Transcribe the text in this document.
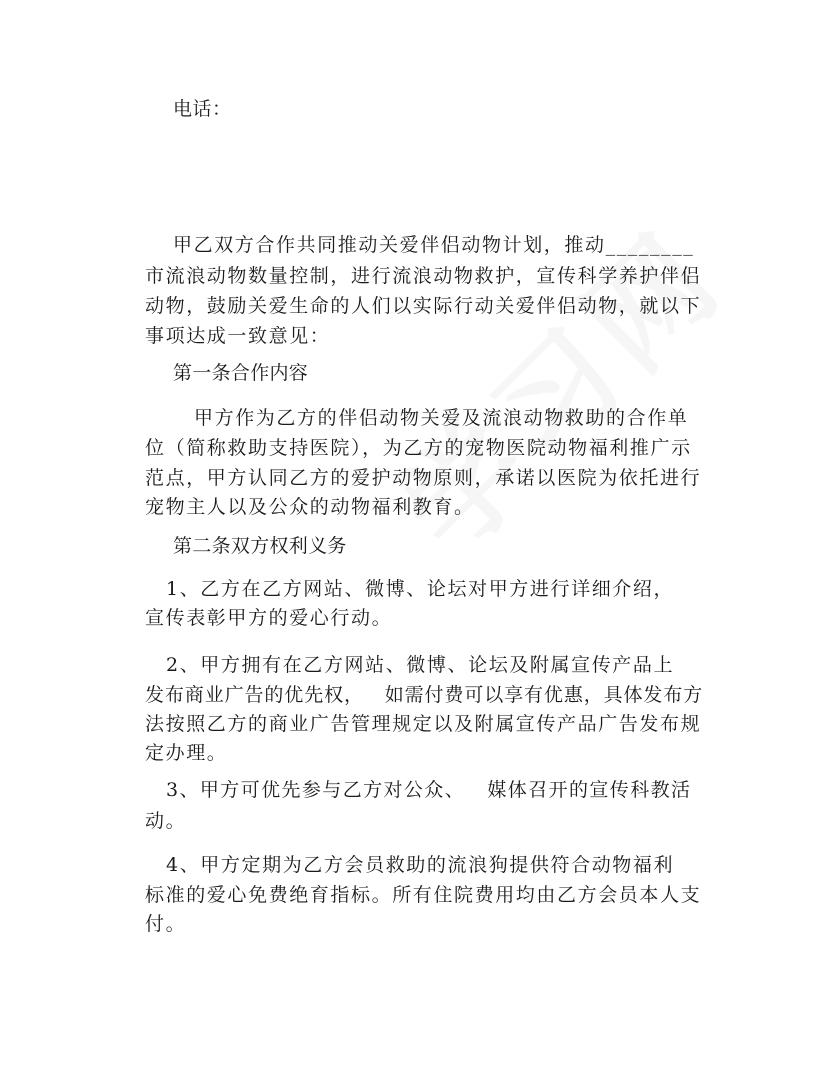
电话：
甲乙双方合作共同推动关爱伴侣动物计划，推动________
市流浪动物数量控制，进行流浪动物救护，宣传科学养护伴侣
动物，鼓励关爱生命的人们以实际行动关爱伴侣动物，就以下
事项达成一致意见：
第一条合作内容
甲方作为乙方的伴侣动物关爱及流浪动物救助的合作单
位（简称救助支持医院），为乙方的宠物医院动物福利推广示
范点，甲方认同乙方的爱护动物原则，承诺以医院为依托进行
宠物主人以及公众的动物福利教育。
第二条双方权利义务
1、乙方在乙方网站、微博、论坛对甲方进行详细介绍，
宣传表彰甲方的爱心行动。
2、甲方拥有在乙方网站、微博、论坛及附属宣传产品上
发布商业广告的优先权，   如需付费可以享有优惠，具体发布方
法按照乙方的商业广告管理规定以及附属宣传产品广告发布规
定办理。
3、甲方可优先参与乙方对公众、   媒体召开的宣传科教活
动。
4、甲方定期为乙方会员救助的流浪狗提供符合动物福利
标准的爱心免费绝育指标。所有住院费用均由乙方会员本人支
付。
